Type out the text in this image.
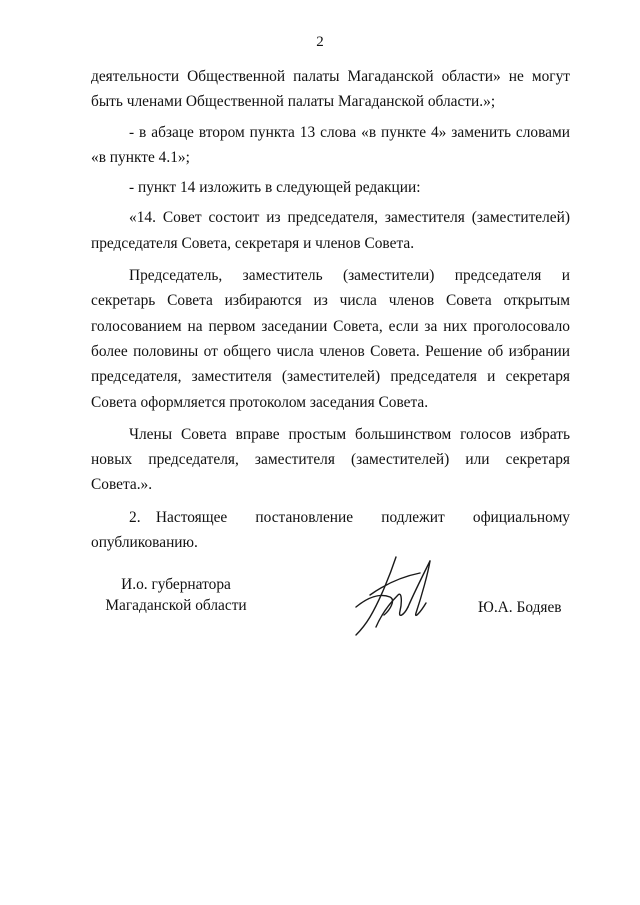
2

деятельности Общественной палаты Магаданской области» не могут быть членами Общественной палаты Магаданской области.»;

- в абзаце втором пункта 13 слова «в пункте 4» заменить словами «в пункте 4.1»;

- пункт 14 изложить в следующей редакции:

«14. Совет состоит из председателя, заместителя (заместителей) председателя Совета, секретаря и членов Совета.

Председатель, заместитель (заместители) председателя и секретарь Совета избираются из числа членов Совета открытым голосованием на первом заседании Совета, если за них проголосовало более половины от общего числа членов Совета. Решение об избрании председателя, заместителя (заместителей) председателя и секретаря Совета оформляется протоколом заседания Совета.

Члены Совета вправе простым большинством голосов избрать новых председателя, заместителя (заместителей) или секретаря Совета.».

2. Настоящее постановление подлежит официальному опубликованию.

И.о. губернатора
Магаданской области	Ю.А. Бодяев
